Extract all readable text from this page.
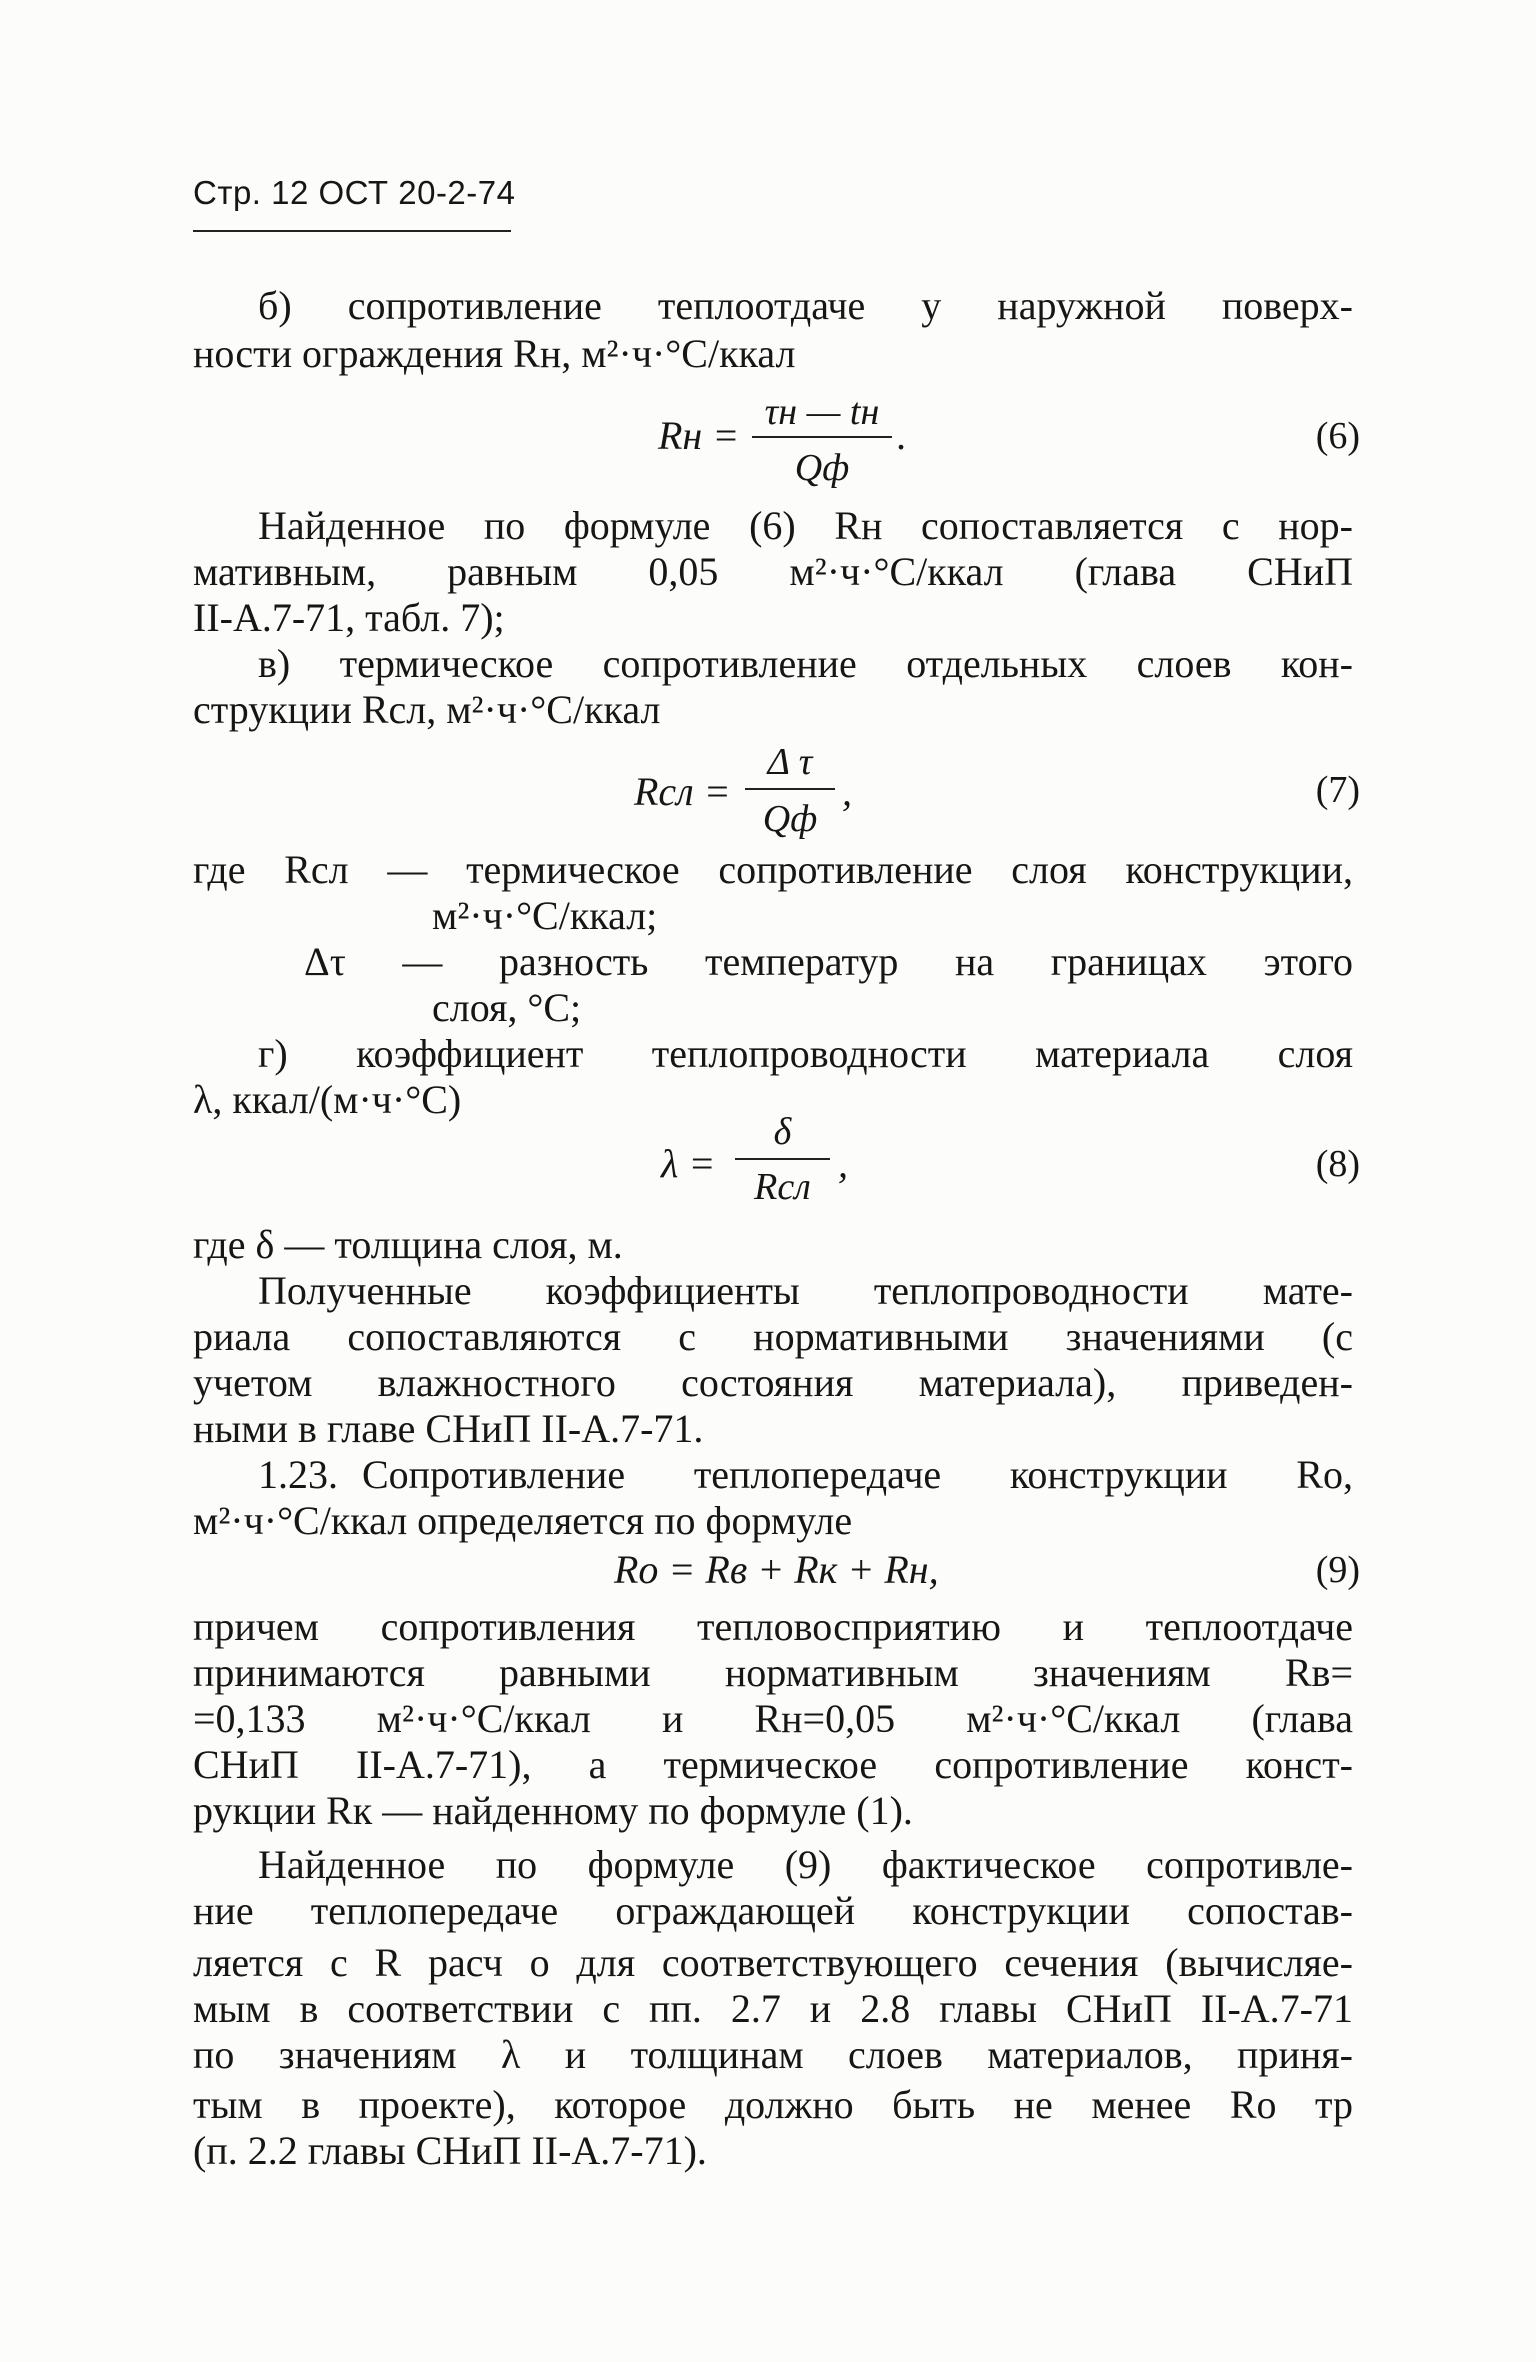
Стр. 12 ОСТ 20-2-74
б) сопротивление теплоотдаче у наружной поверх-
ности ограждения Rн, м²·ч·°С/ккал
Rн =
τн — tн
Qф
.	(6)
Найденное по формуле (6) Rн сопоставляется с нор-
мативным, равным 0,05 м²·ч·°С/ккал (глава СНиП
II-А.7-71, табл. 7);
в) термическое сопротивление отдельных слоев кон-
струкции Rсл, м²·ч·°С/ккал
Rсл =
Δ τ
Qф
,	(7)
где Rсл — термическое сопротивление слоя конструкции,
м²·ч·°С/ккал;
Δτ — разность температур на границах этого
слоя, °С;
г) коэффициент теплопроводности материала слоя
λ, ккал/(м·ч·°С)
λ =
δ
Rсл
,	(8)
где δ — толщина слоя, м.
Полученные коэффициенты теплопроводности мате-
риала сопоставляются с нормативными значениями (с
учетом влажностного состояния материала), приведен-
ными в главе СНиП II-А.7-71.
1.23. Сопротивление теплопередаче конструкции Rо,
м²·ч·°С/ккал определяется по формуле
Rо = Rв + Rк + Rн,	(9)
причем сопротивления тепловосприятию и теплоотдаче
принимаются равными нормативным значениям Rв=
=0,133 м²·ч·°С/ккал и Rн=0,05 м²·ч·°С/ккал (глава
СНиП II-А.7-71), а термическое сопротивление конст-
рукции Rк — найденному по формуле (1).
Найденное по формуле (9) фактическое сопротивле-
ние теплопередаче ограждающей конструкции сопостав-
ляется с R расч о для соответствующего сечения (вычисляе-
мым в соответствии с пп. 2.7 и 2.8 главы СНиП II-А.7-71
по значениям λ и толщинам слоев материалов, приня-
тым в проекте), которое должно быть не менее Rо тр
(п. 2.2 главы СНиП II-А.7-71).
